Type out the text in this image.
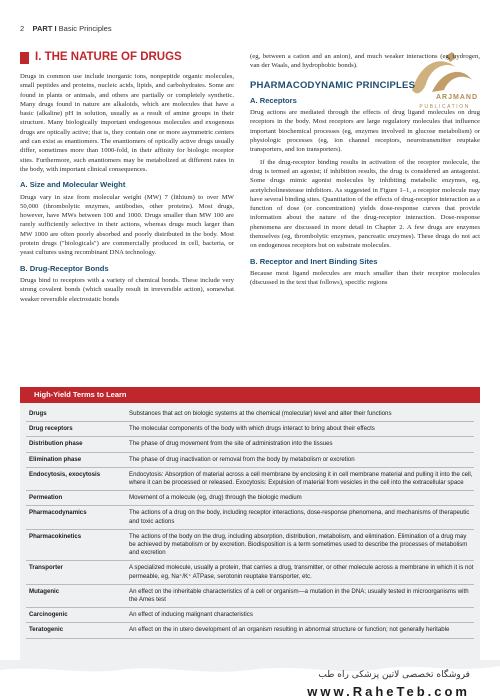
2 PART I Basic Principles
ARJMAND
PUBLICATION
I. THE NATURE OF DRUGS

Drugs in common use include inorganic ions, nonpeptide organic molecules, small peptides and proteins, nucleic acids, lipids, and carbohydrates. Some are found in plants or animals, and others are partially or completely synthetic. Many drugs found in nature are alkaloids, which are molecules that have a basic (alkaline) pH in solution, usually as a result of amine groups in their structure. Many biologically important endogenous molecules and exogenous drugs are optically active; that is, they contain one or more asymmetric centers and can exist as enantiomers. The enantiomers of optically active drugs usually differ, sometimes more than 1000-fold, in their affinity for biologic receptor sites. Furthermore, such enantiomers may be metabolized at different rates in the body, with important clinical consequences.

A. Size and Molecular Weight

Drugs vary in size from molecular weight (MW) 7 (lithium) to over MW 50,000 (thrombolytic enzymes, antibodies, other proteins). Most drugs, however, have MWs between 100 and 1000. Drugs smaller than MW 100 are rarely sufficiently selective in their actions, whereas drugs much larger than MW 1000 are often poorly absorbed and poorly distributed in the body. Most protein drugs ("biologicals") are commercially produced in cell, bacteria, or yeast cultures using recombinant DNA technology.

B. Drug-Receptor Bonds

Drugs bind to receptors with a variety of chemical bonds. These include very strong covalent bonds (which usually result in irreversible action), somewhat weaker reversible electrostatic bonds

(eg, between a cation and an anion), and much weaker interactions (eg, hydrogen, van der Waals, and hydrophobic bonds).

PHARMACODYNAMIC PRINCIPLES
A. Receptors

Drug actions are mediated through the effects of drug ligand molecules on drug receptors in the body. Most receptors are large regulatory molecules that influence important biochemical processes (eg, enzymes involved in glucose metabolism) or physiologic processes (eg, ion channel receptors, neurotransmitter reuptake transporters, and ion transporters).

If the drug-receptor binding results in activation of the receptor molecule, the drug is termed an agonist; if inhibition results, the drug is considered an antagonist. Some drugs mimic agonist molecules by inhibiting metabolic enzymes, eg, acetylcholinesterase inhibitors. As suggested in Figure 1–1, a receptor molecule may have several binding sites. Quantitation of the effects of drug-receptor interaction as a function of dose (or concentration) yields dose-response curves that provide information about the nature of the drug-receptor interaction. Dose-response phenomena are discussed in more detail in Chapter 2. A few drugs are enzymes themselves (eg, thrombolytic enzymes, pancreatic enzymes). These drugs do not act on endogenous receptors but on substrate molecules.

B. Receptor and Inert Binding Sites

Because most ligand molecules are much smaller than their receptor molecules (discussed in the text that follows), specific regions

High-Yield Terms to Learn
Drugs	Substances that act on biologic systems at the chemical (molecular) level and alter their functions
Drug receptors	The molecular components of the body with which drugs interact to bring about their effects
Distribution phase	The phase of drug movement from the site of administration into the tissues
Elimination phase	The phase of drug inactivation or removal from the body by metabolism or excretion
Endocytosis, exocytosis	Endocytosis: Absorption of material across a cell membrane by enclosing it in cell membrane material and pulling it into the cell, where it can be processed or released. Exocytosis: Expulsion of material from vesicles in the cell into the extracellular space
Permeation	Movement of a molecule (eg, drug) through the biologic medium
Pharmacodynamics	The actions of a drug on the body, including receptor interactions, dose-response phenomena, and mechanisms of therapeutic and toxic actions
Pharmacokinetics	The actions of the body on the drug, including absorption, distribution, metabolism, and elimination. Elimination of a drug may be achieved by metabolism or by excretion. Biodisposition is a term sometimes used to describe the processes of metabolism and excretion
Transporter	A specialized molecule, usually a protein, that carries a drug, transmitter, or other molecule across a membrane in which it is not permeable, eg, Na⁺/K⁺ ATPase, serotonin reuptake transporter, etc.
Mutagenic	An effect on the inheritable characteristics of a cell or organism—a mutation in the DNA; usually tested in microorganisms with the Ames test
Carcinogenic	An effect of inducing malignant characteristics
Teratogenic	An effect on the in utero development of an organism resulting in abnormal structure or function; not generally heritable
فروشگاه تخصصی لاتین پزشکی راه طب
www.RaheTeb.com
